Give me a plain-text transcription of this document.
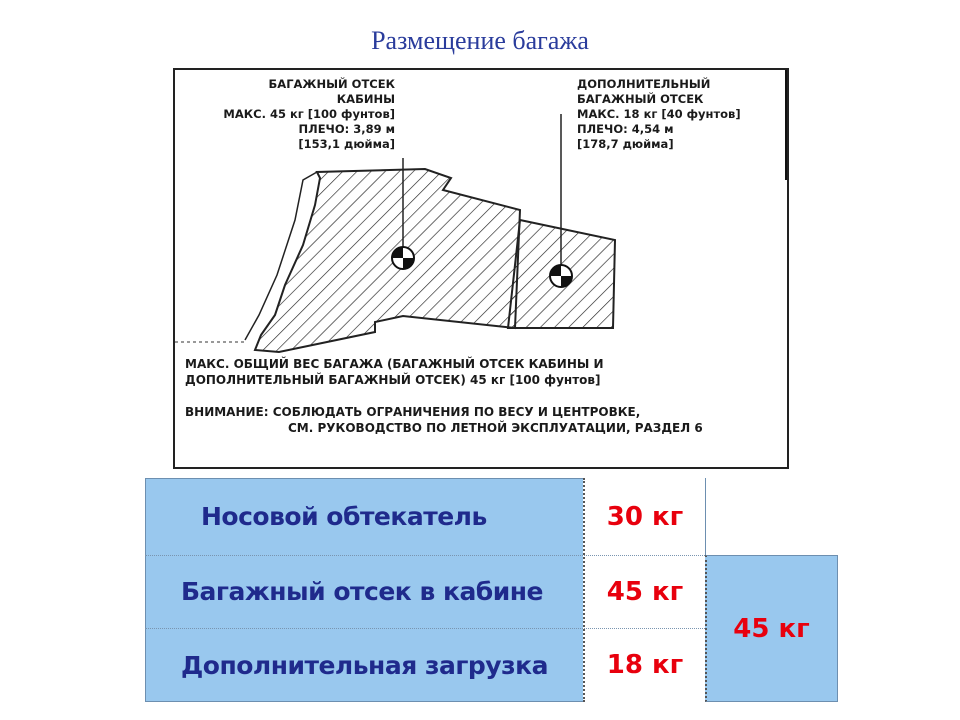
Размещение багажа
БАГАЖНЫЙ ОТСЕК
КАБИНЫ
МАКС. 45 кг [100 фунтов]
ПЛЕЧО: 3,89 м
[153,1 дюйма]
ДОПОЛНИТЕЛЬНЫЙ
БАГАЖНЫЙ ОТСЕК
МАКС. 18 кг [40 фунтов]
ПЛЕЧО: 4,54 м
[178,7 дюйма]
МАКС. ОБЩИЙ ВЕС БАГАЖА (БАГАЖНЫЙ ОТСЕК КАБИНЫ И
ДОПОЛНИТЕЛЬНЫЙ БАГАЖНЫЙ ОТСЕК) 45 кг [100 фунтов]
ВНИМАНИЕ: СОБЛЮДАТЬ ОГРАНИЧЕНИЯ ПО ВЕСУ И ЦЕНТРОВКЕ,
СМ. РУКОВОДСТВО ПО ЛЕТНОЙ ЭКСПЛУАТАЦИИ, РАЗДЕЛ 6
Носовой обтекатель	30 кг
Багажный отсек в кабине	45 кг
Дополнительная загрузка	18 кг
45 кг
